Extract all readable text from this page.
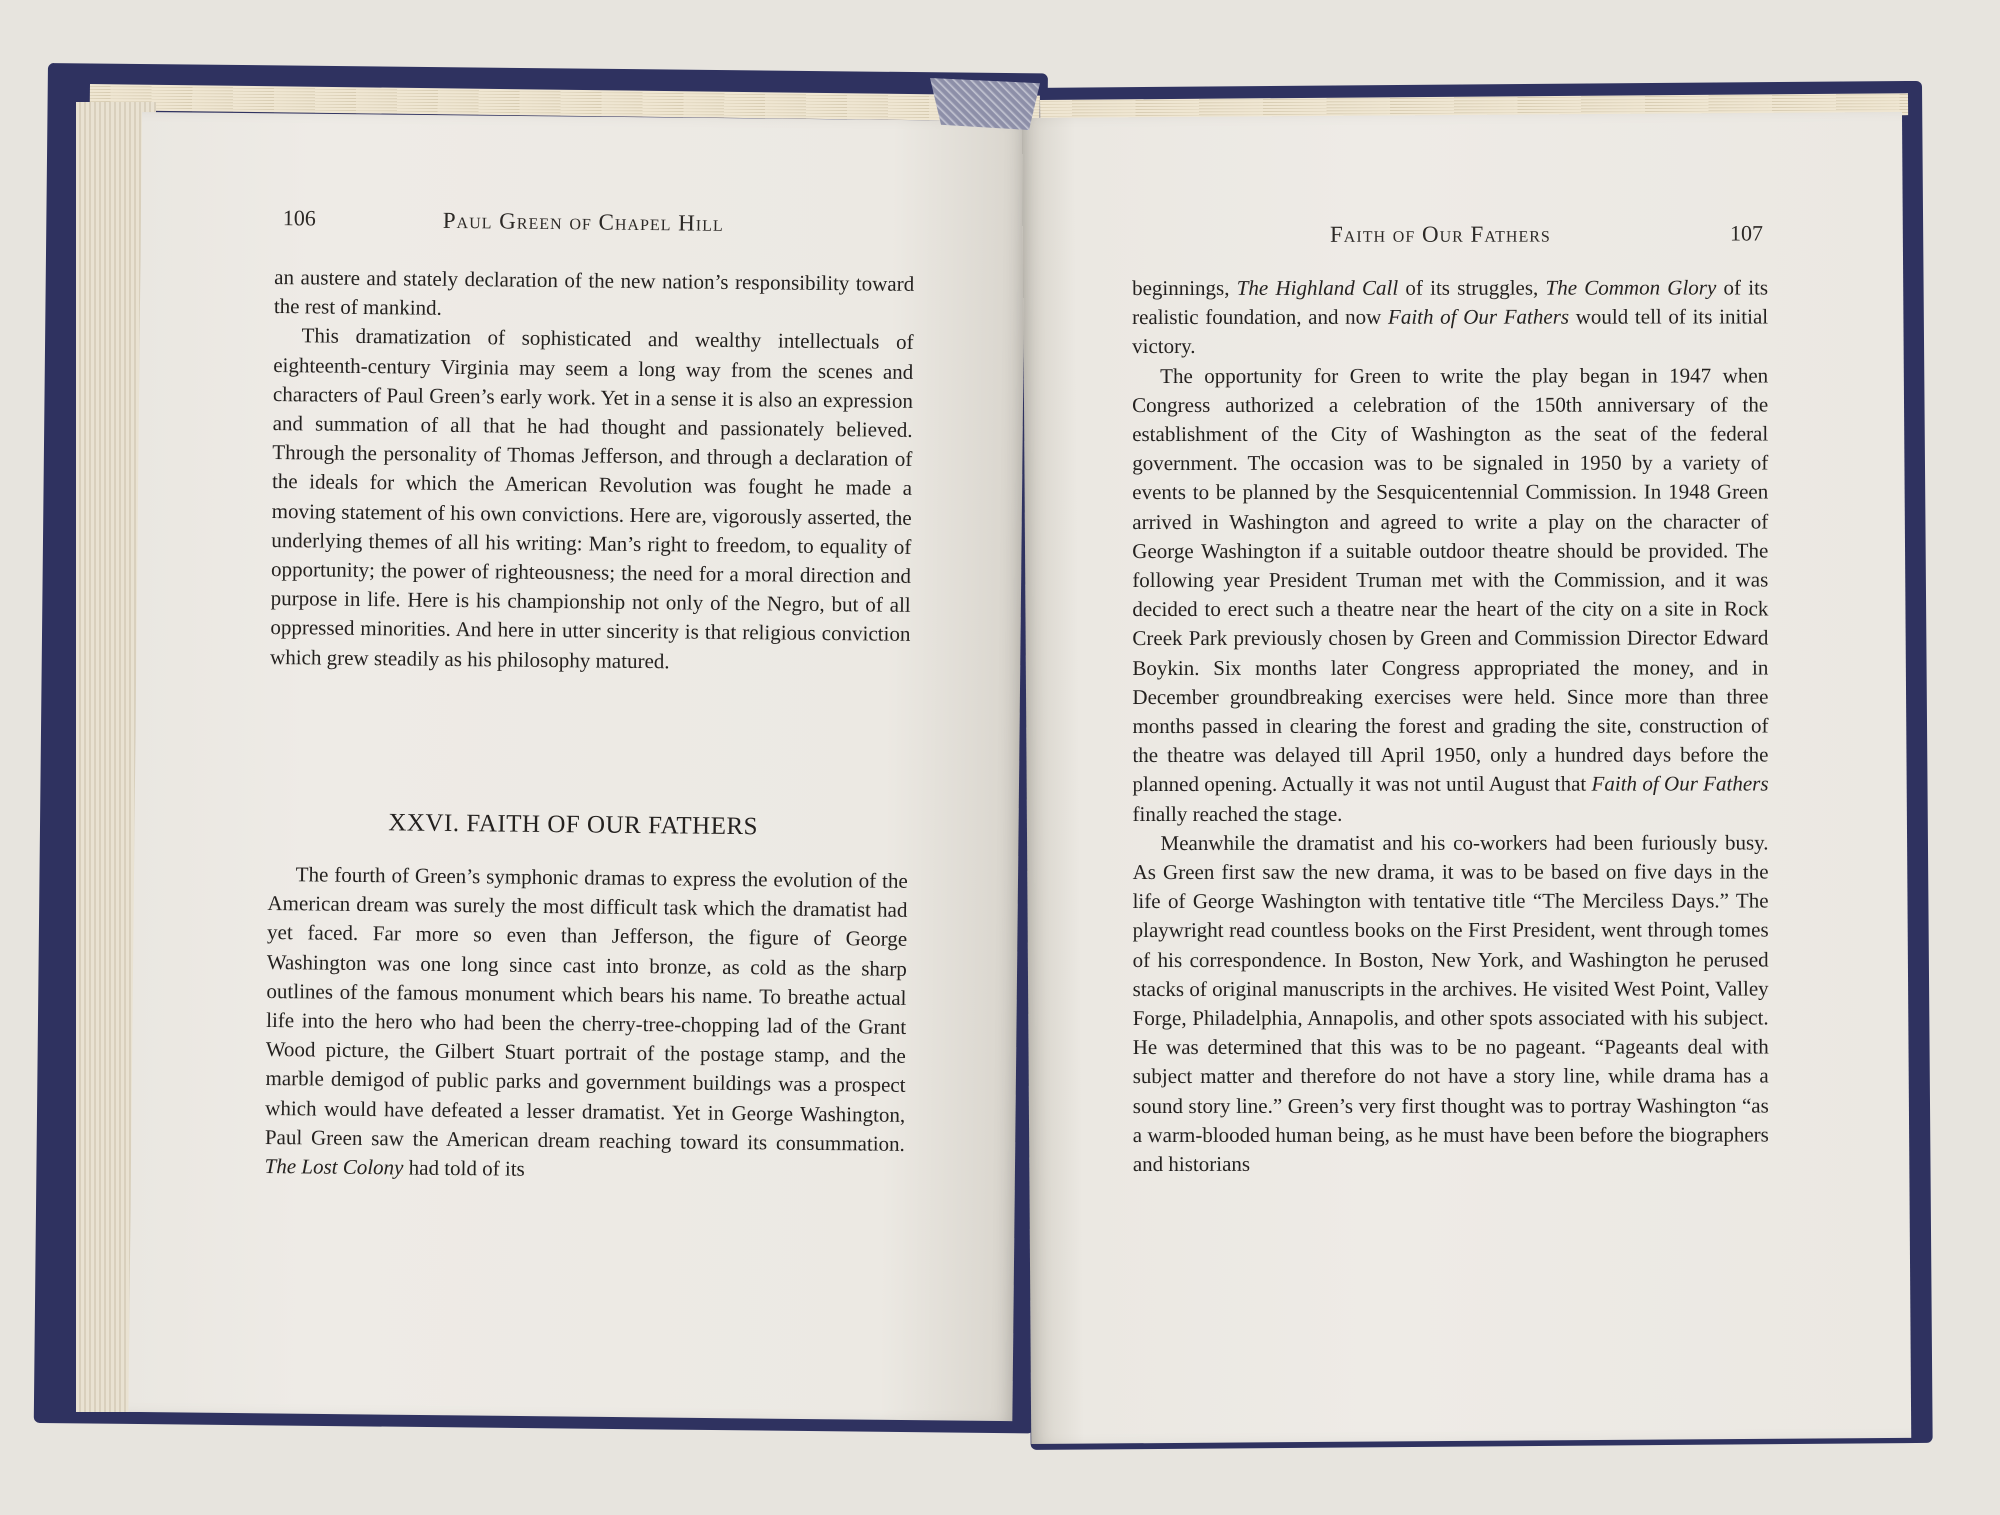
106	Paul Green of Chapel Hill

an austere and stately declaration of the new nation’s responsibility toward the rest of mankind.

This dramatization of sophisticated and wealthy intellectuals of eighteenth-century Virginia may seem a long way from the scenes and characters of Paul Green’s early work. Yet in a sense it is also an expression and summation of all that he had thought and passionately believed. Through the personality of Thomas Jefferson, and through a declaration of the ideals for which the American Revolution was fought he made a moving statement of his own convictions. Here are, vigorously asserted, the underlying themes of all his writing: Man’s right to freedom, to equality of opportunity; the power of righteousness; the need for a moral direction and purpose in life. Here is his championship not only of the Negro, but of all oppressed minorities. And here in utter sincerity is that religious conviction which grew steadily as his philosophy matured.

XXVI. FAITH OF OUR FATHERS

The fourth of Green’s symphonic dramas to express the evolution of the American dream was surely the most difficult task which the dramatist had yet faced. Far more so even than Jefferson, the figure of George Washington was one long since cast into bronze, as cold as the sharp outlines of the famous monument which bears his name. To breathe actual life into the hero who had been the cherry-tree-chopping lad of the Grant Wood picture, the Gilbert Stuart portrait of the postage stamp, and the marble demigod of public parks and government buildings was a prospect which would have defeated a lesser dramatist. Yet in George Washington, Paul Green saw the American dream reaching toward its consummation. The Lost Colony had told of its

Faith of Our Fathers	107

beginnings, The Highland Call of its struggles, The Common Glory of its realistic foundation, and now Faith of Our Fathers would tell of its initial victory.

The opportunity for Green to write the play began in 1947 when Congress authorized a celebration of the 150th anniversary of the establishment of the City of Washington as the seat of the federal government. The occasion was to be signaled in 1950 by a variety of events to be planned by the Sesquicentennial Commission. In 1948 Green arrived in Washington and agreed to write a play on the character of George Washington if a suitable outdoor theatre should be provided. The following year President Truman met with the Commission, and it was decided to erect such a theatre near the heart of the city on a site in Rock Creek Park previously chosen by Green and Commission Director Edward Boykin. Six months later Congress appropriated the money, and in December groundbreaking exercises were held. Since more than three months passed in clearing the forest and grading the site, construction of the theatre was delayed till April 1950, only a hundred days before the planned opening. Actually it was not until August that Faith of Our Fathers finally reached the stage.

Meanwhile the dramatist and his co-workers had been furiously busy. As Green first saw the new drama, it was to be based on five days in the life of George Washington with tentative title “The Merciless Days.” The playwright read countless books on the First President, went through tomes of his correspondence. In Boston, New York, and Washington he perused stacks of original manuscripts in the archives. He visited West Point, Valley Forge, Philadelphia, Annapolis, and other spots associated with his subject. He was determined that this was to be no pageant. “Pageants deal with subject matter and therefore do not have a story line, while drama has a sound story line.” Green’s very first thought was to portray Washington “as a warm-blooded human being, as he must have been before the biographers and historians
